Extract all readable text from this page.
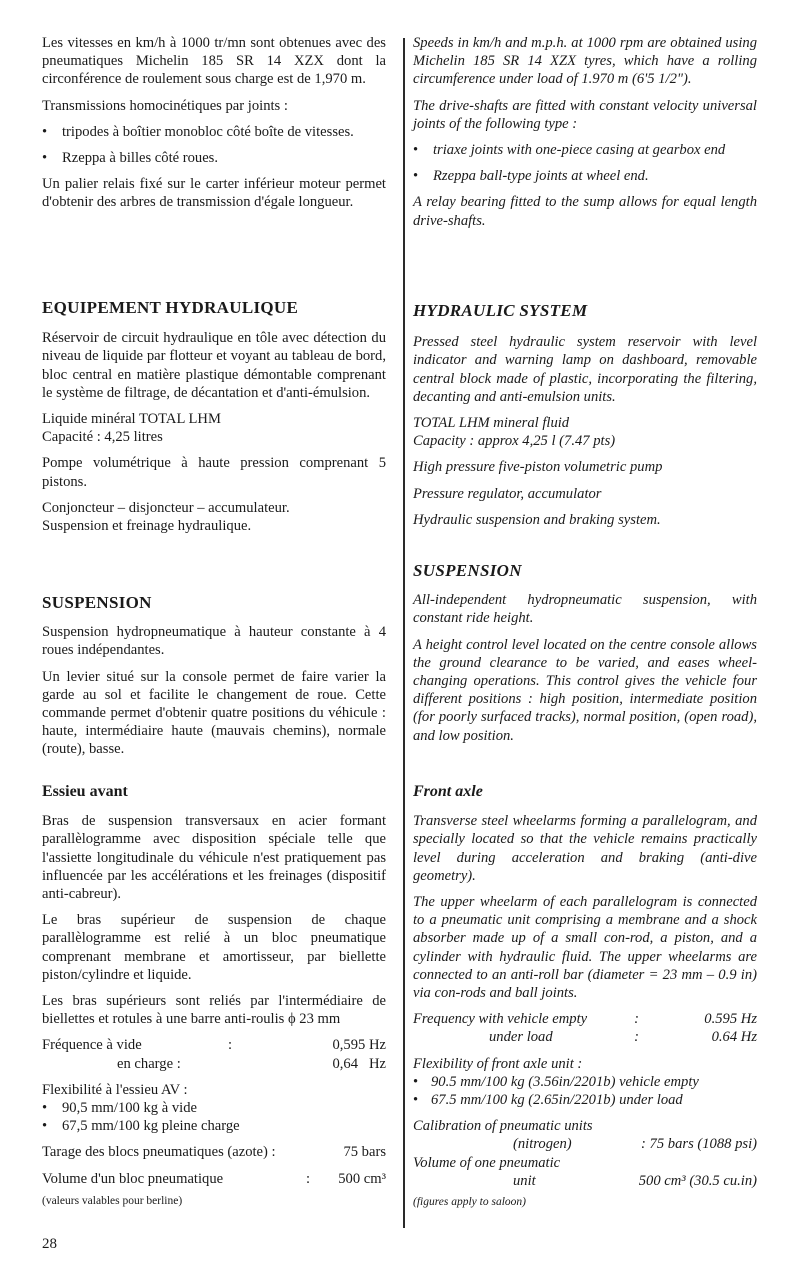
Les vitesses en km/h à 1000 tr/mn sont obtenues avec des pneumatiques Michelin 185 SR 14 XZX dont la circonférence de roulement sous charge est de 1,970 m.

Transmissions homocinétiques par joints :

•	tripodes à boîtier monobloc côté boîte de vitesses.
•	Rzeppa à billes côté roues.

Un palier relais fixé sur le carter inférieur moteur permet d'obtenir des arbres de transmission d'égale longueur.

EQUIPEMENT HYDRAULIQUE

Réservoir de circuit hydraulique en tôle avec détection du niveau de liquide par flotteur et voyant au tableau de bord, bloc central en matière plastique démontable comprenant le système de filtrage, de décantation et d'anti-émulsion.

Liquide minéral TOTAL LHM
Capacité : 4,25 litres

Pompe volumétrique à haute pression comprenant 5 pistons.

Conjoncteur – disjoncteur – accumulateur.
Suspension et freinage hydraulique.
SUSPENSION

Suspension hydropneumatique à hauteur constante à 4 roues indépendantes.

Un levier situé sur la console permet de faire varier la garde au sol et facilite le changement de roue. Cette commande permet d'obtenir quatre positions du véhicule : haute, intermédiaire haute (mauvais chemins), normale (route), basse.

Essieu avant

Bras de suspension transversaux en acier formant parallèlogramme avec disposition spéciale telle que l'assiette longitudinale du véhicule n'est pratiquement pas influencée par les accélérations et les freinages (dispositif anti-cabreur).

Le bras supérieur de suspension de chaque parallèlogramme est relié à un bloc pneumatique comprenant membrane et amortisseur, par biellette piston/cylindre et liquide.

Les bras supérieurs sont reliés par l'intermédiaire de biellettes et rotules à une barre anti-roulis ϕ 23 mm

Fréquence à vide	:	0,595 Hz
en charge :	0,64   Hz
Flexibilité à l'essieu AV :
•	90,5 mm/100 kg à vide
•	67,5 mm/100 kg pleine charge
Tarage des blocs pneumatiques (azote) :	75 bars
Volume d'un bloc pneumatique	: 500 cm³
(valeurs valables pour berline)

Speeds in km/h and m.p.h. at 1000 rpm are obtained using Michelin 185 SR 14 XZX tyres, which have a rolling circumference under load of 1.970 m (6'5 1/2").

The drive-shafts are fitted with constant velocity universal joints of the following type :

•	triaxe joints with one-piece casing at gearbox end
•	Rzeppa ball-type joints at wheel end.

A relay bearing fitted to the sump allows for equal length drive-shafts.

HYDRAULIC SYSTEM

Pressed steel hydraulic system reservoir with level indicator and warning lamp on dashboard, removable central block made of plastic, incorporating the filtering, decanting and anti-emulsion units.

TOTAL LHM mineral fluid
Capacity : approx 4,25 l (7.47 pts)

High pressure five-piston volumetric pump

Pressure regulator, accumulator

Hydraulic suspension and braking system.

SUSPENSION

All-independent hydropneumatic suspension, with constant ride height.

A height control level located on the centre console allows the ground clearance to be varied, and eases wheel-changing operations. This control gives the vehicle four different positions : high position, intermediate position (for poorly surfaced tracks), normal position, (open road), and low position.

Front axle

Transverse steel wheelarms forming a parallelogram, and specially located so that the vehicle remains practically level during acceleration and braking (anti-dive geometry).

The upper wheelarm of each parallelogram is connected to a pneumatic unit comprising a membrane and a shock absorber made up of a small con-rod, a piston, and a cylinder with hydraulic fluid. The upper wheelarms are connected to an anti-roll bar (diameter = 23 mm – 0.9 in) via con-rods and ball joints.

Frequency with vehicle empty	:	0.595 Hz
under load	:	0.64 Hz
Flexibility of front axle unit :
• 90.5 mm/100 kg (3.56in/2201b) vehicle empty
• 67.5 mm/100 kg (2.65in/2201b) under load
Calibration of pneumatic units
(nitrogen)	: 75 bars (1088 psi)
Volume of one pneumatic
unit	500 cm³ (30.5 cu.in)
(figures apply to saloon)
28
